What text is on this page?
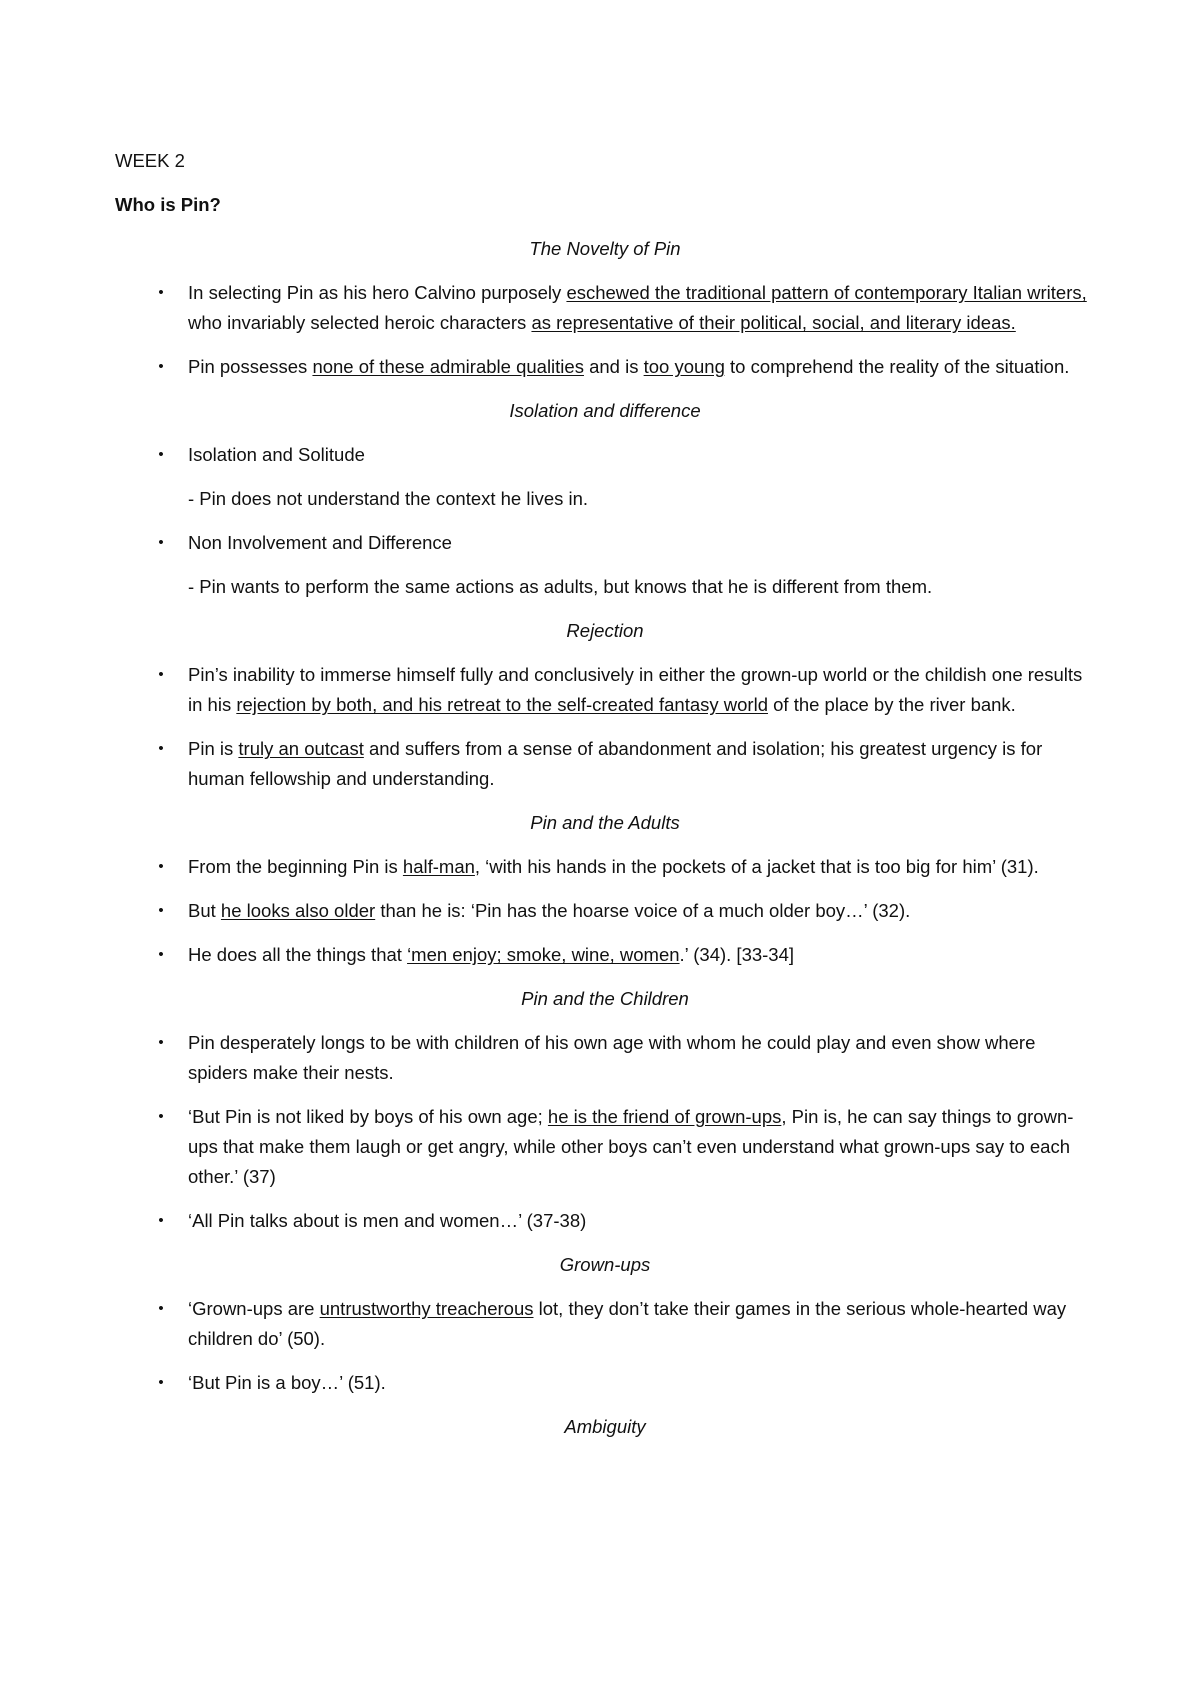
WEEK 2
Who is Pin?
The Novelty of Pin
• In selecting Pin as his hero Calvino purposely eschewed the traditional pattern of contemporary Italian writers, who invariably selected heroic characters as representative of their political, social, and literary ideas.
• Pin possesses none of these admirable qualities and is too young to comprehend the reality of the situation.
Isolation and difference
• Isolation and Solitude
- Pin does not understand the context he lives in.
• Non Involvement and Difference
- Pin wants to perform the same actions as adults, but knows that he is different from them.
Rejection
• Pin’s inability to immerse himself fully and conclusively in either the grown-up world or the childish one results in his rejection by both, and his retreat to the self-created fantasy world of the place by the river bank.
• Pin is truly an outcast and suffers from a sense of abandonment and isolation; his greatest urgency is for human fellowship and understanding.
Pin and the Adults
• From the beginning Pin is half-man, ‘with his hands in the pockets of a jacket that is too big for him’ (31).
• But he looks also older than he is: ‘Pin has the hoarse voice of a much older boy…’ (32).
• He does all the things that ‘men enjoy; smoke, wine, women.’ (34). [33-34]
Pin and the Children
• Pin desperately longs to be with children of his own age with whom he could play and even show where spiders make their nests.
• ‘But Pin is not liked by boys of his own age; he is the friend of grown-ups, Pin is, he can say things to grown-ups that make them laugh or get angry, while other boys can’t even understand what grown-ups say to each other.’ (37)
• ‘All Pin talks about is men and women…’ (37-38)
Grown-ups
• ‘Grown-ups are untrustworthy treacherous lot, they don’t take their games in the serious whole-hearted way children do’ (50).
• ‘But Pin is a boy…’ (51).
Ambiguity
